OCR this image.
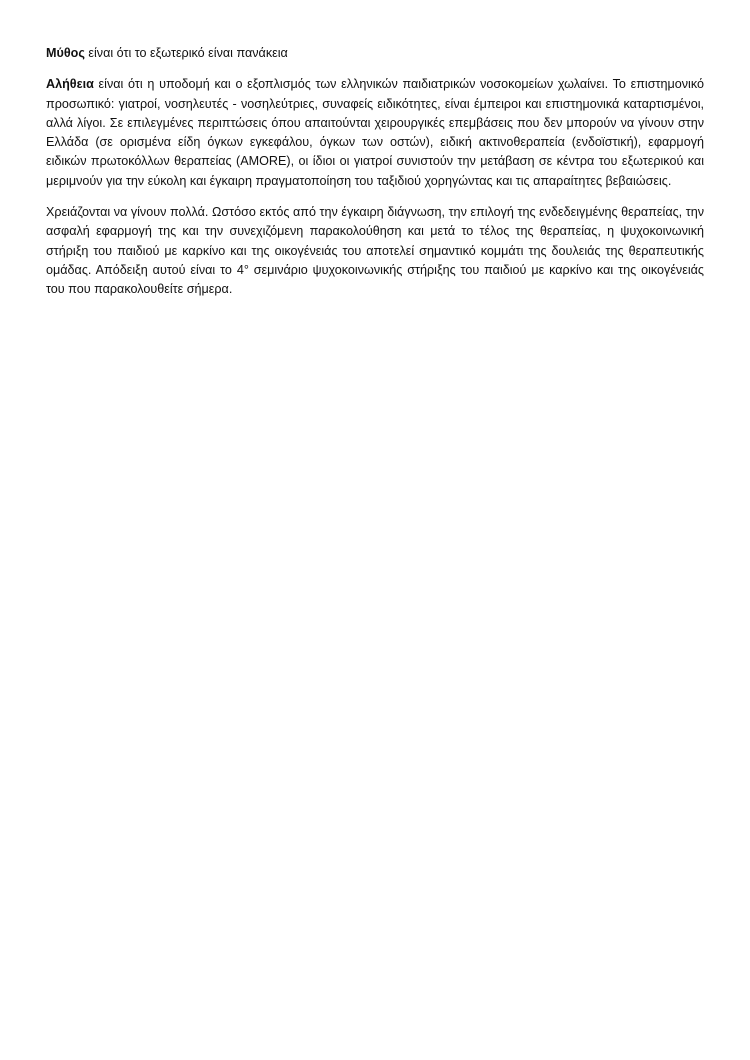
Μύθος είναι ότι το εξωτερικό είναι πανάκεια

Αλήθεια είναι ότι η υποδομή και ο εξοπλισμός των ελληνικών παιδιατρικών νοσοκομείων χωλαίνει. Το επιστημονικό προσωπικό: γιατροί, νοσηλευτές - νοσηλεύτριες, συναφείς ειδικότητες, είναι έμπειροι και επιστημονικά καταρτισμένοι, αλλά λίγοι. Σε επιλεγμένες περιπτώσεις όπου απαιτούνται χειρουργικές επεμβάσεις που δεν μπορούν να γίνουν στην Ελλάδα (σε ορισμένα είδη όγκων εγκεφάλου, όγκων των οστών), ειδική ακτινοθεραπεία (ενδοϊστική), εφαρμογή ειδικών πρωτοκόλλων θεραπείας (AMORE), οι ίδιοι οι γιατροί συνιστούν την μετάβαση σε κέντρα του εξωτερικού και μεριμνούν για την εύκολη και έγκαιρη πραγματοποίηση του ταξιδιού χορηγώντας και τις απαραίτητες βεβαιώσεις.

Χρειάζονται να γίνουν πολλά. Ωστόσο εκτός από την έγκαιρη διάγνωση, την επιλογή της ενδεδειγμένης θεραπείας, την ασφαλή εφαρμογή της και την συνεχιζόμενη παρακολούθηση και μετά το τέλος της θεραπείας, η ψυχοκοινωνική στήριξη του παιδιού με καρκίνο και της οικογένειάς του αποτελεί σημαντικό κομμάτι της δουλειάς της θεραπευτικής ομάδας. Απόδειξη αυτού είναι το 4° σεμινάριο ψυχοκοινωνικής στήριξης του παιδιού με καρκίνο και της οικογένειάς του που παρακολουθείτε σήμερα.
